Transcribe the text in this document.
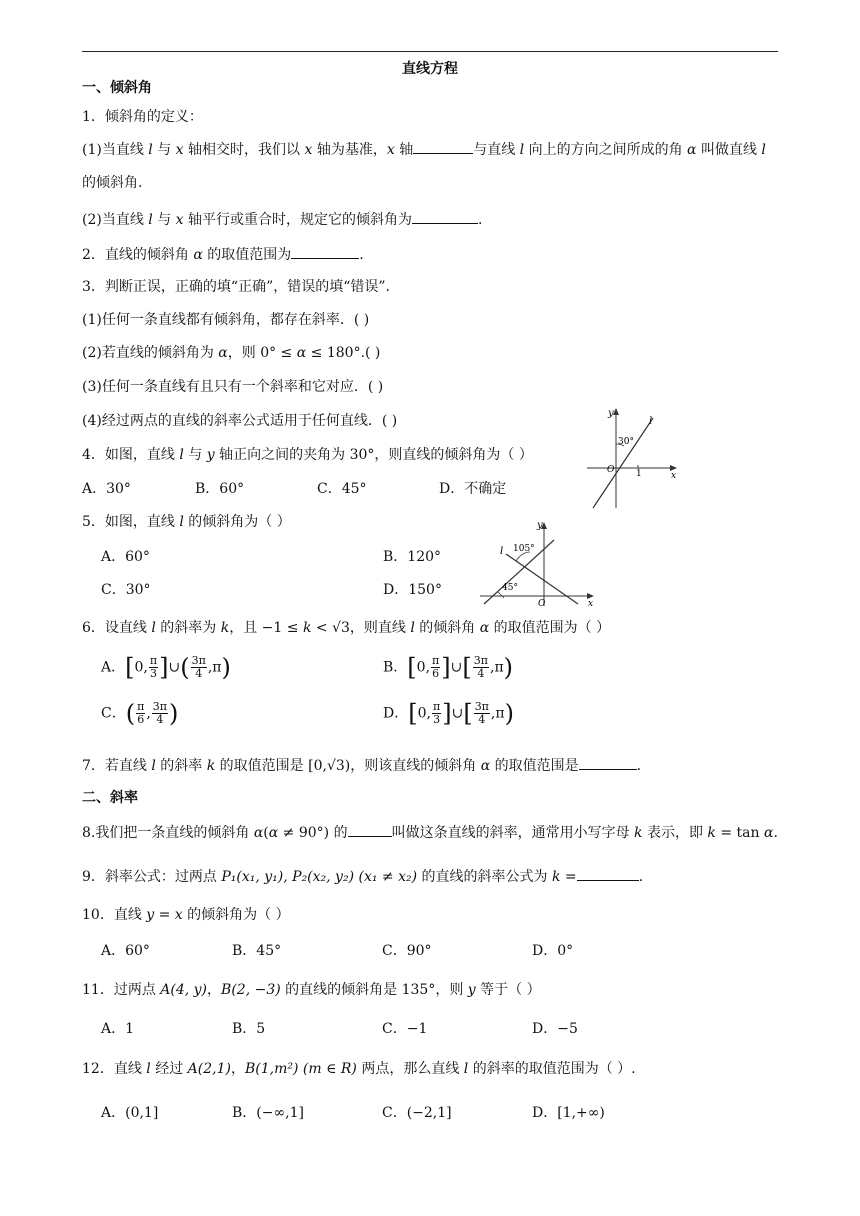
直线方程
一、倾斜角
1．倾斜角的定义：
(1)当直线 l 与 x 轴相交时，我们以 x 轴为基准，x 轴	与直线 l 向上的方向之间所成的角 α 叫做直线 l
的倾斜角.
(2)当直线 l 与 x 轴平行或重合时，规定它的倾斜角为	.
2．直线的倾斜角 α 的取值范围为	.
3．判断正误，正确的填“正确”，错误的填“错误”.
(1)任何一条直线都有倾斜角，都存在斜率．( )
(2)若直线的倾斜角为 α，则 0° ≤ α ≤ 180°.( )
(3)任何一条直线有且只有一个斜率和它对应．( )
(4)经过两点的直线的斜率公式适用于任何直线．( )
4．如图，直线 l 与 y 轴正向之间的夹角为 30°，则直线的倾斜角为（ ）
A．30°	B．60°	C．45°	D．不确定
y
l
30°
O 1	x
5．如图，直线 l 的倾斜角为（ ）
A．60°	B．120°
C．30°	D．150°
y
l 105°
45°
O	x
6．设直线 l 的斜率为 k，且 −1 ≤ k < √3，则直线 l 的倾斜角 α 的取值范围为（ ）
A．[0, $\frac{\pi}{3}$ ]∪( $\frac{3\pi}{4} ,\pi$)	B．[0, $\frac{\pi}{6}$ ]∪[ $\frac{3\pi}{4} ,\pi$)
C．( $\frac{\pi}{6}$ , $\frac{3\pi}{4}$ )	D．[0, $\frac{\pi}{3}$ ]∪[ $\frac{3\pi}{4} ,\pi$)
7．若直线 l 的斜率 k 的取值范围是 [0,√3)，则该直线的倾斜角 α 的取值范围是	.
二、斜率
8.我们把一条直线的倾斜角 α(α ≠ 90°) 的	叫做这条直线的斜率，通常用小写字母 k 表示，即 k = tan α.
9．斜率公式：过两点 P₁(x₁, y₁), P₂(x₂, y₂) (x₁ ≠ x₂) 的直线的斜率公式为 k =	.
10．直线 y = x 的倾斜角为（ ）
A．60°	B．45°	C．90°	D．0°
11．过两点 A(4, y)，B(2, −3) 的直线的倾斜角是 135°，则 y 等于（ ）
A．1	B．5	C．−1	D．−5
12．直线 l 经过 A(2,1)，B(1,m²) (m ∈ R) 两点，那么直线 l 的斜率的取值范围为（ ）.
A．(0,1]	B．(−∞,1]	C．(−2,1]	D．[1,+∞)
